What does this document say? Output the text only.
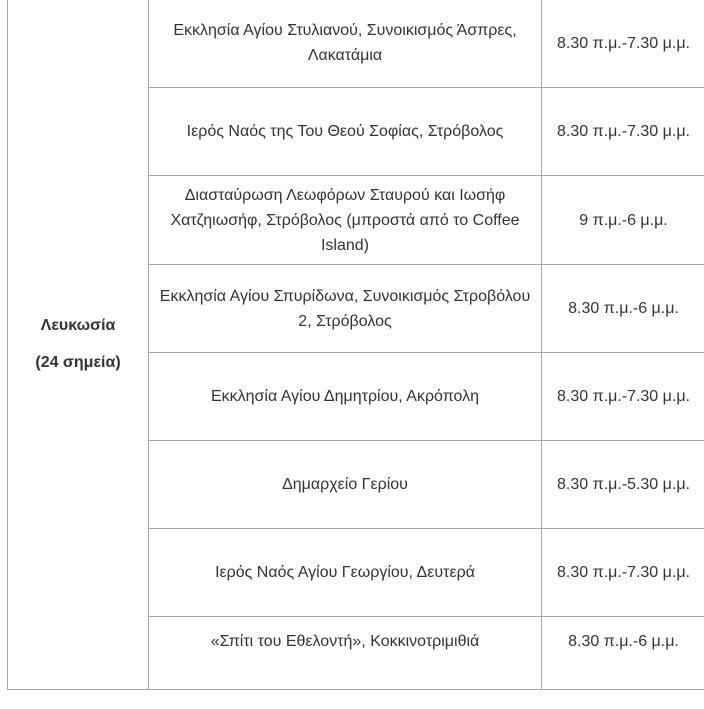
Λευκωσία
(24 σημεία)	Εκκλησία Αγίου Στυλιανού, Συνοικισμός Άσπρες, Λακατάμια	8.30 π.μ.-7.30 μ.μ.
	Ιερός Ναός της Του Θεού Σοφίας, Στρόβολος	8.30 π.μ.-7.30 μ.μ.
	Διασταύρωση Λεωφόρων Σταυρού και Ιωσήφ Χατζηιωσήφ, Στρόβολος (μπροστά από το Coffee Island)	9 π.μ.-6 μ.μ.
	Εκκλησία Αγίου Σπυρίδωνα, Συνοικισμός Στροβόλου 2, Στρόβολος	8.30 π.μ.-6 μ.μ.
	Εκκλησία Αγίου Δημητρίου, Ακρόπολη	8.30 π.μ.-7.30 μ.μ.
	Δημαρχείο Γερίου	8.30 π.μ.-5.30 μ.μ.
	Ιερός Ναός Αγίου Γεωργίου, Δευτερά	8.30 π.μ.-7.30 μ.μ.
	«Σπίτι του Εθελοντή», Κοκκινοτριμιθιά	8.30 π.μ.-6 μ.μ.
